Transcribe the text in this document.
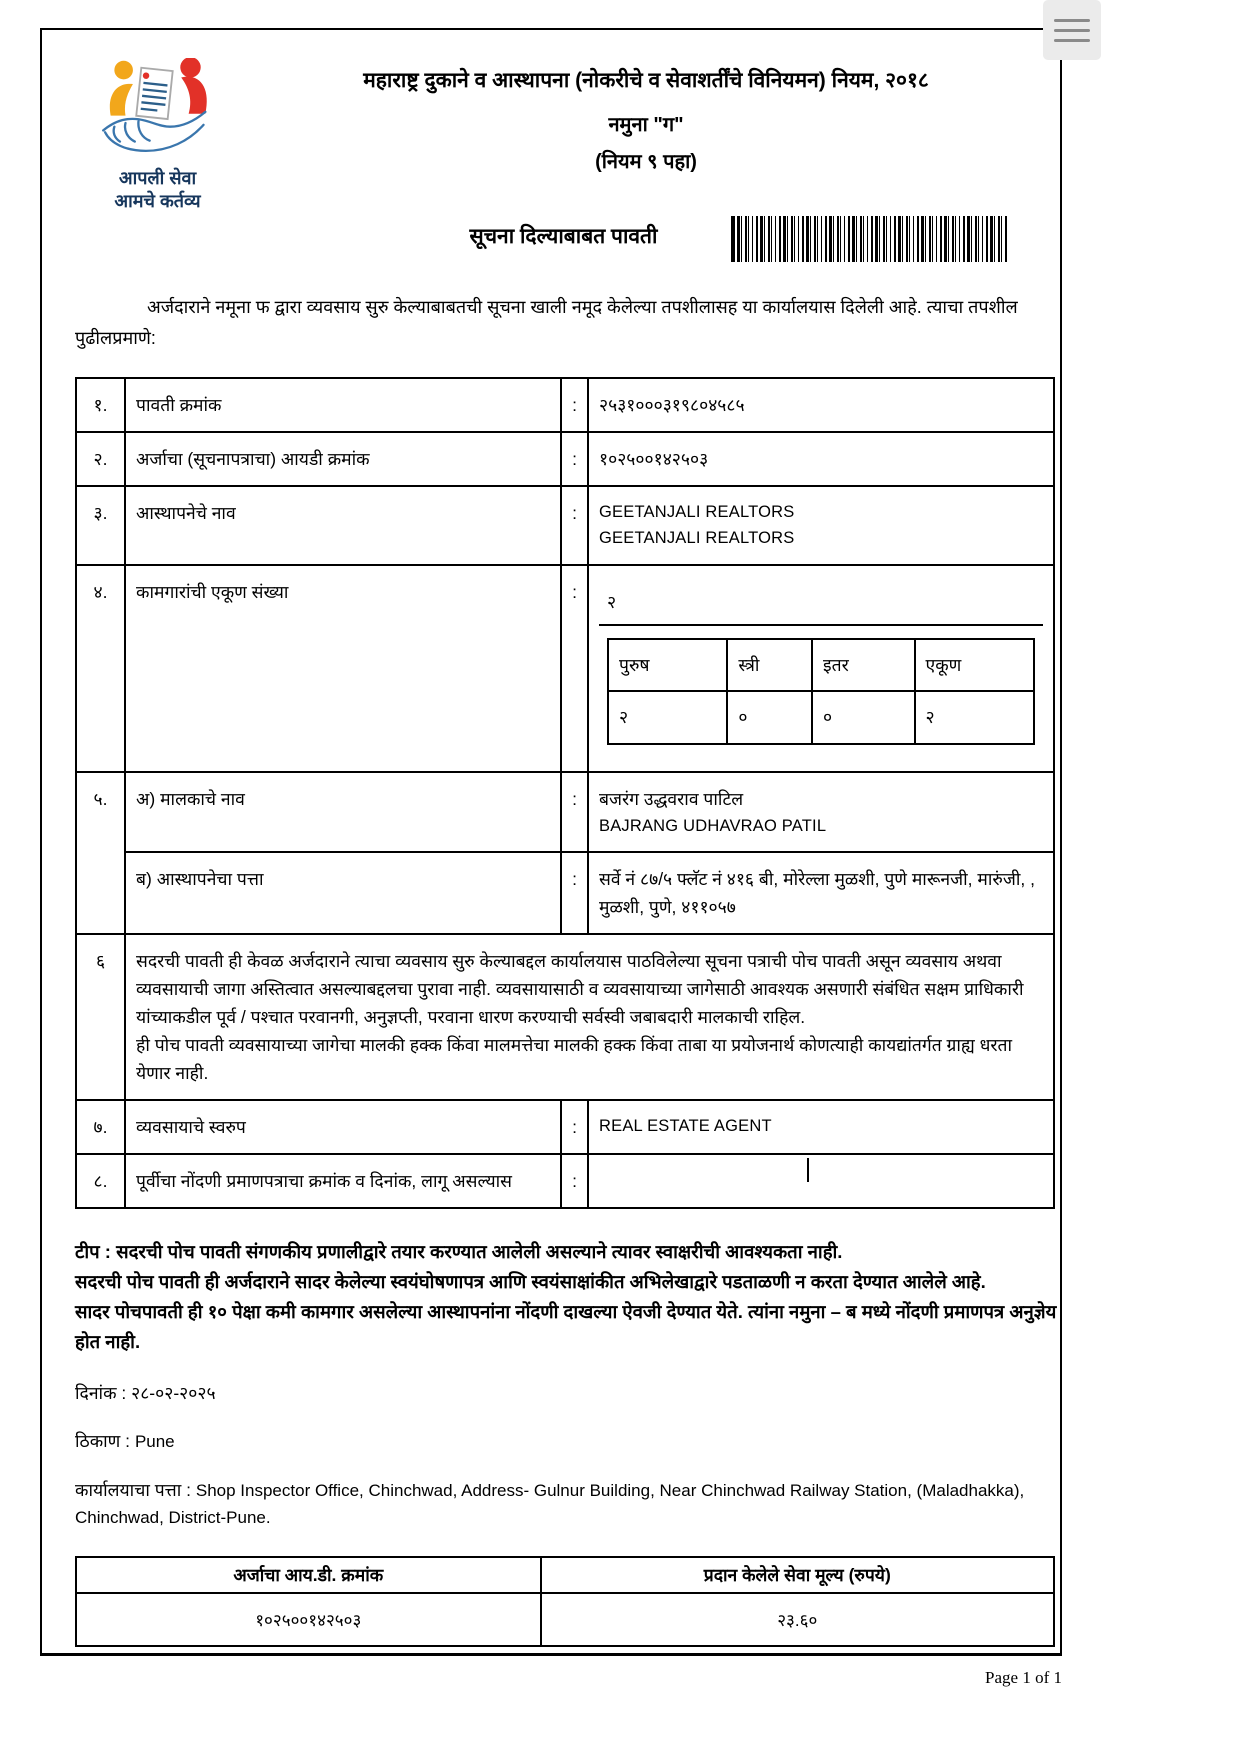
आपली सेवा
आमचे कर्तव्य
महाराष्ट्र दुकाने व आस्थापना (नोकरीचे व सेवाशर्तींचे विनियमन) नियम, २०१८
नमुना "ग"
(नियम ९ पहा)
सूचना दिल्याबाबत पावती
अर्जदाराने नमूना फ द्वारा व्यवसाय सुरु केल्याबाबतची सूचना खाली नमूद केलेल्या तपशीलासह या कार्यालयास दिलेली आहे. त्याचा तपशील पुढीलप्रमाणे:
१.	पावती क्रमांक	:	२५३१०००३१९८०४५८५
२.	अर्जाचा (सूचनापत्राचा) आयडी क्रमांक	:	१०२५००१४२५०३
३.	आस्थापनेचे नाव	:	GEETANJALI REALTORS
GEETANJALI REALTORS

४.	कामगारांची एकूण संख्या	:	२
पुरुष	स्त्री	इतर	एकूण
२	०	०	२

५.	अ) मालकाचे नाव	:	बजरंग उद्धवराव पाटिल
BAJRANG UDHAVRAO PATIL

ब) आस्थापनेचा पत्ता	:	सर्वे नं ८७/५ फ्लॅट नं ४१६ बी, मोरेल्ला मुळशी, पुणे मारूनजी, मारुंजी, , मुळशी, पुणे, ४११०५७
६	सदरची पावती ही केवळ अर्जदाराने त्याचा व्यवसाय सुरु केल्याबद्दल कार्यालयास पाठविलेल्या सूचना पत्राची पोच पावती असून व्यवसाय अथवा व्यवसायाची जागा अस्तित्वात असल्याबद्दलचा पुरावा नाही. व्यवसायासाठी व व्यवसायाच्या जागेसाठी आवश्यक असणारी संबंधित सक्षम प्राधिकारी यांच्याकडील पूर्व / पश्चात परवानगी, अनुज्ञप्ती, परवाना धारण करण्याची सर्वस्वी जबाबदारी मालकाची राहिल.

ही पोच पावती व्यवसायाच्या जागेचा मालकी हक्क किंवा मालमत्तेचा मालकी हक्क किंवा ताबा या प्रयोजनार्थ कोणत्याही कायद्यांतर्गत ग्राह्य धरता येणार नाही.

७.	व्यवसायाचे स्वरुप	:	REAL ESTATE AGENT
८.	पूर्वीचा नोंदणी प्रमाणपत्राचा क्रमांक व दिनांक, लागू असल्यास	:	

टीप : सदरची पोच पावती संगणकीय प्रणालीद्वारे तयार करण्यात आलेली असल्याने त्यावर स्वाक्षरीची आवश्यकता नाही.

सदरची पोच पावती ही अर्जदाराने सादर केलेल्या स्वयंघोषणापत्र आणि स्वयंसाक्षांकीत अभिलेखाद्वारे पडताळणी न करता देण्यात आलेले आहे.

सादर पोचपावती ही १० पेक्षा कमी कामगार असलेल्या आस्थापनांना नोंदणी दाखल्या ऐवजी देण्यात येते. त्यांना नमुना – ब मध्ये नोंदणी प्रमाणपत्र अनुज्ञेय होत नाही.

दिनांक : २८-०२-२०२५
ठिकाण : Pune
कार्यालयाचा पत्ता : Shop Inspector Office, Chinchwad, Address- Gulnur Building, Near Chinchwad Railway Station, (Maladhakka), Chinchwad, District-Pune.
अर्जाचा आय.डी. क्रमांक	प्रदान केलेले सेवा मूल्य (रुपये)
१०२५००१४२५०३	२३.६०
Page 1 of 1
